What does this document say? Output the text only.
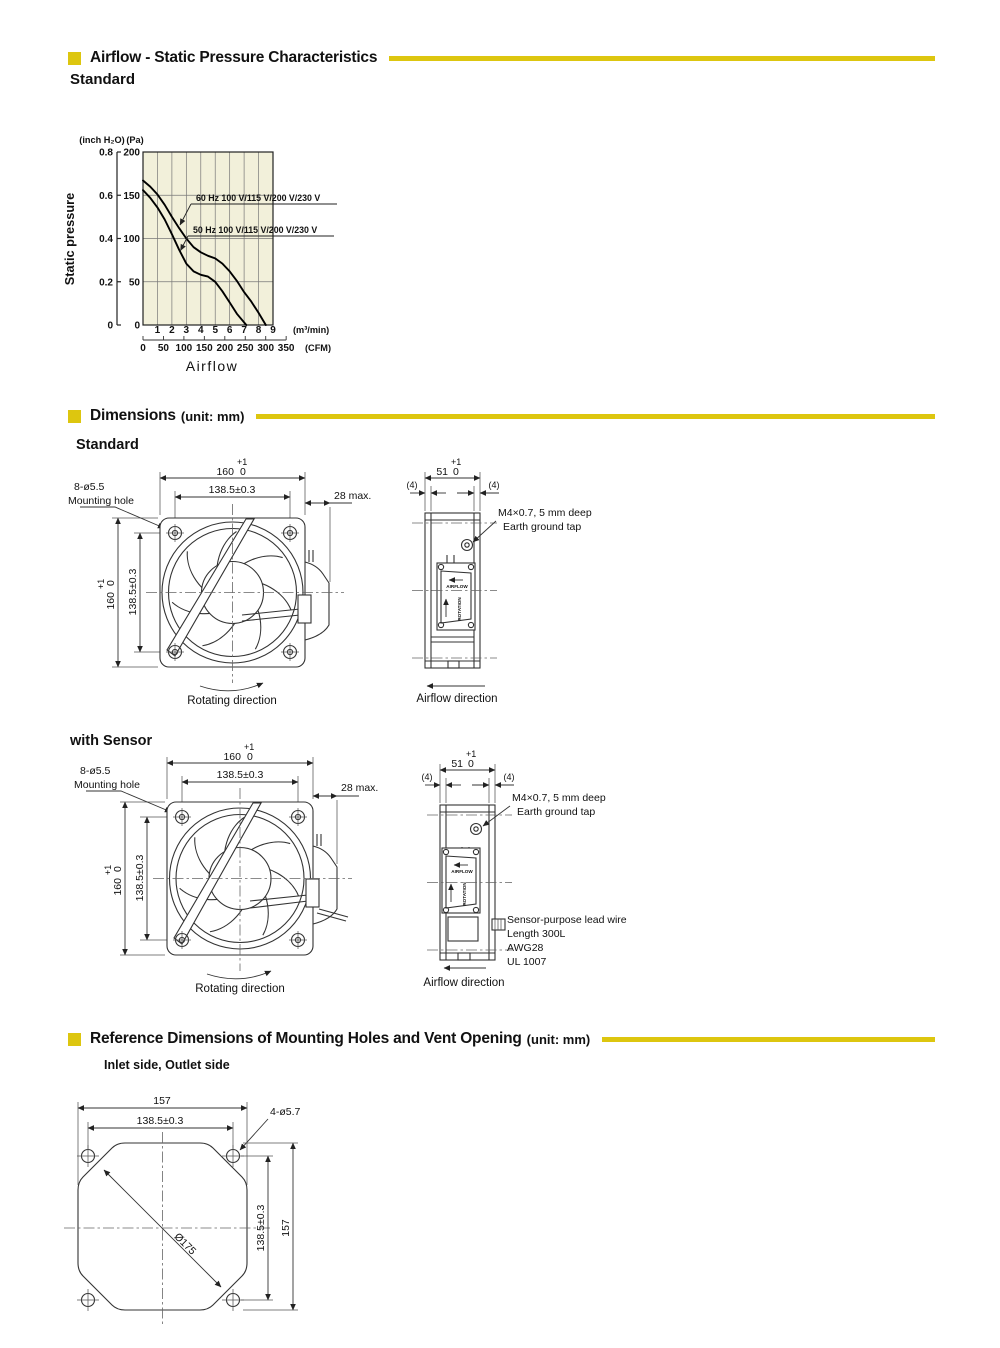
Airflow - Static Pressure Characteristics
Standard
0
50
100
150
200
0
0.2
0.4
0.6
0.8
1 2 3 4 5 6 7 8 9
0 50 100 150 200 250 300 350
(inch H₂O) (Pa)
Static pressure
(m³/min)
(CFM)
Airflow
60 Hz 100 V/115 V/200 V/230 V
50 Hz 100 V/115 V/200 V/230 V
Dimensions (unit: mm)
Standard
160 0
+1
138.5±0.3
160
0
+1 138.5±0.3
8-ø5.5
Mounting hole	28 max.
Rotating direction
51 0
+1
(4)	(4)
AIRFLOW
ROTATION
M4×0.7, 5 mm deep
Earth ground tap
Airflow direction
with Sensor
160 0
+1
138.5±0.3
160
0
+1 138.5±0.3
8-ø5.5
Mounting hole	28 max.
Rotating direction
51 0
+1
(4)	(4)
AIRFLOW
ROTATION
M4×0.7, 5 mm deep
Earth ground tap
Sensor-purpose lead wire
Length 300L
AWG28
UL 1007
Airflow direction
Reference Dimensions of Mounting Holes and Vent Opening (unit: mm)
Inlet side, Outlet side
157
138.5±0.3
4-ø5.7
Ø175	138.5±0.3 157
